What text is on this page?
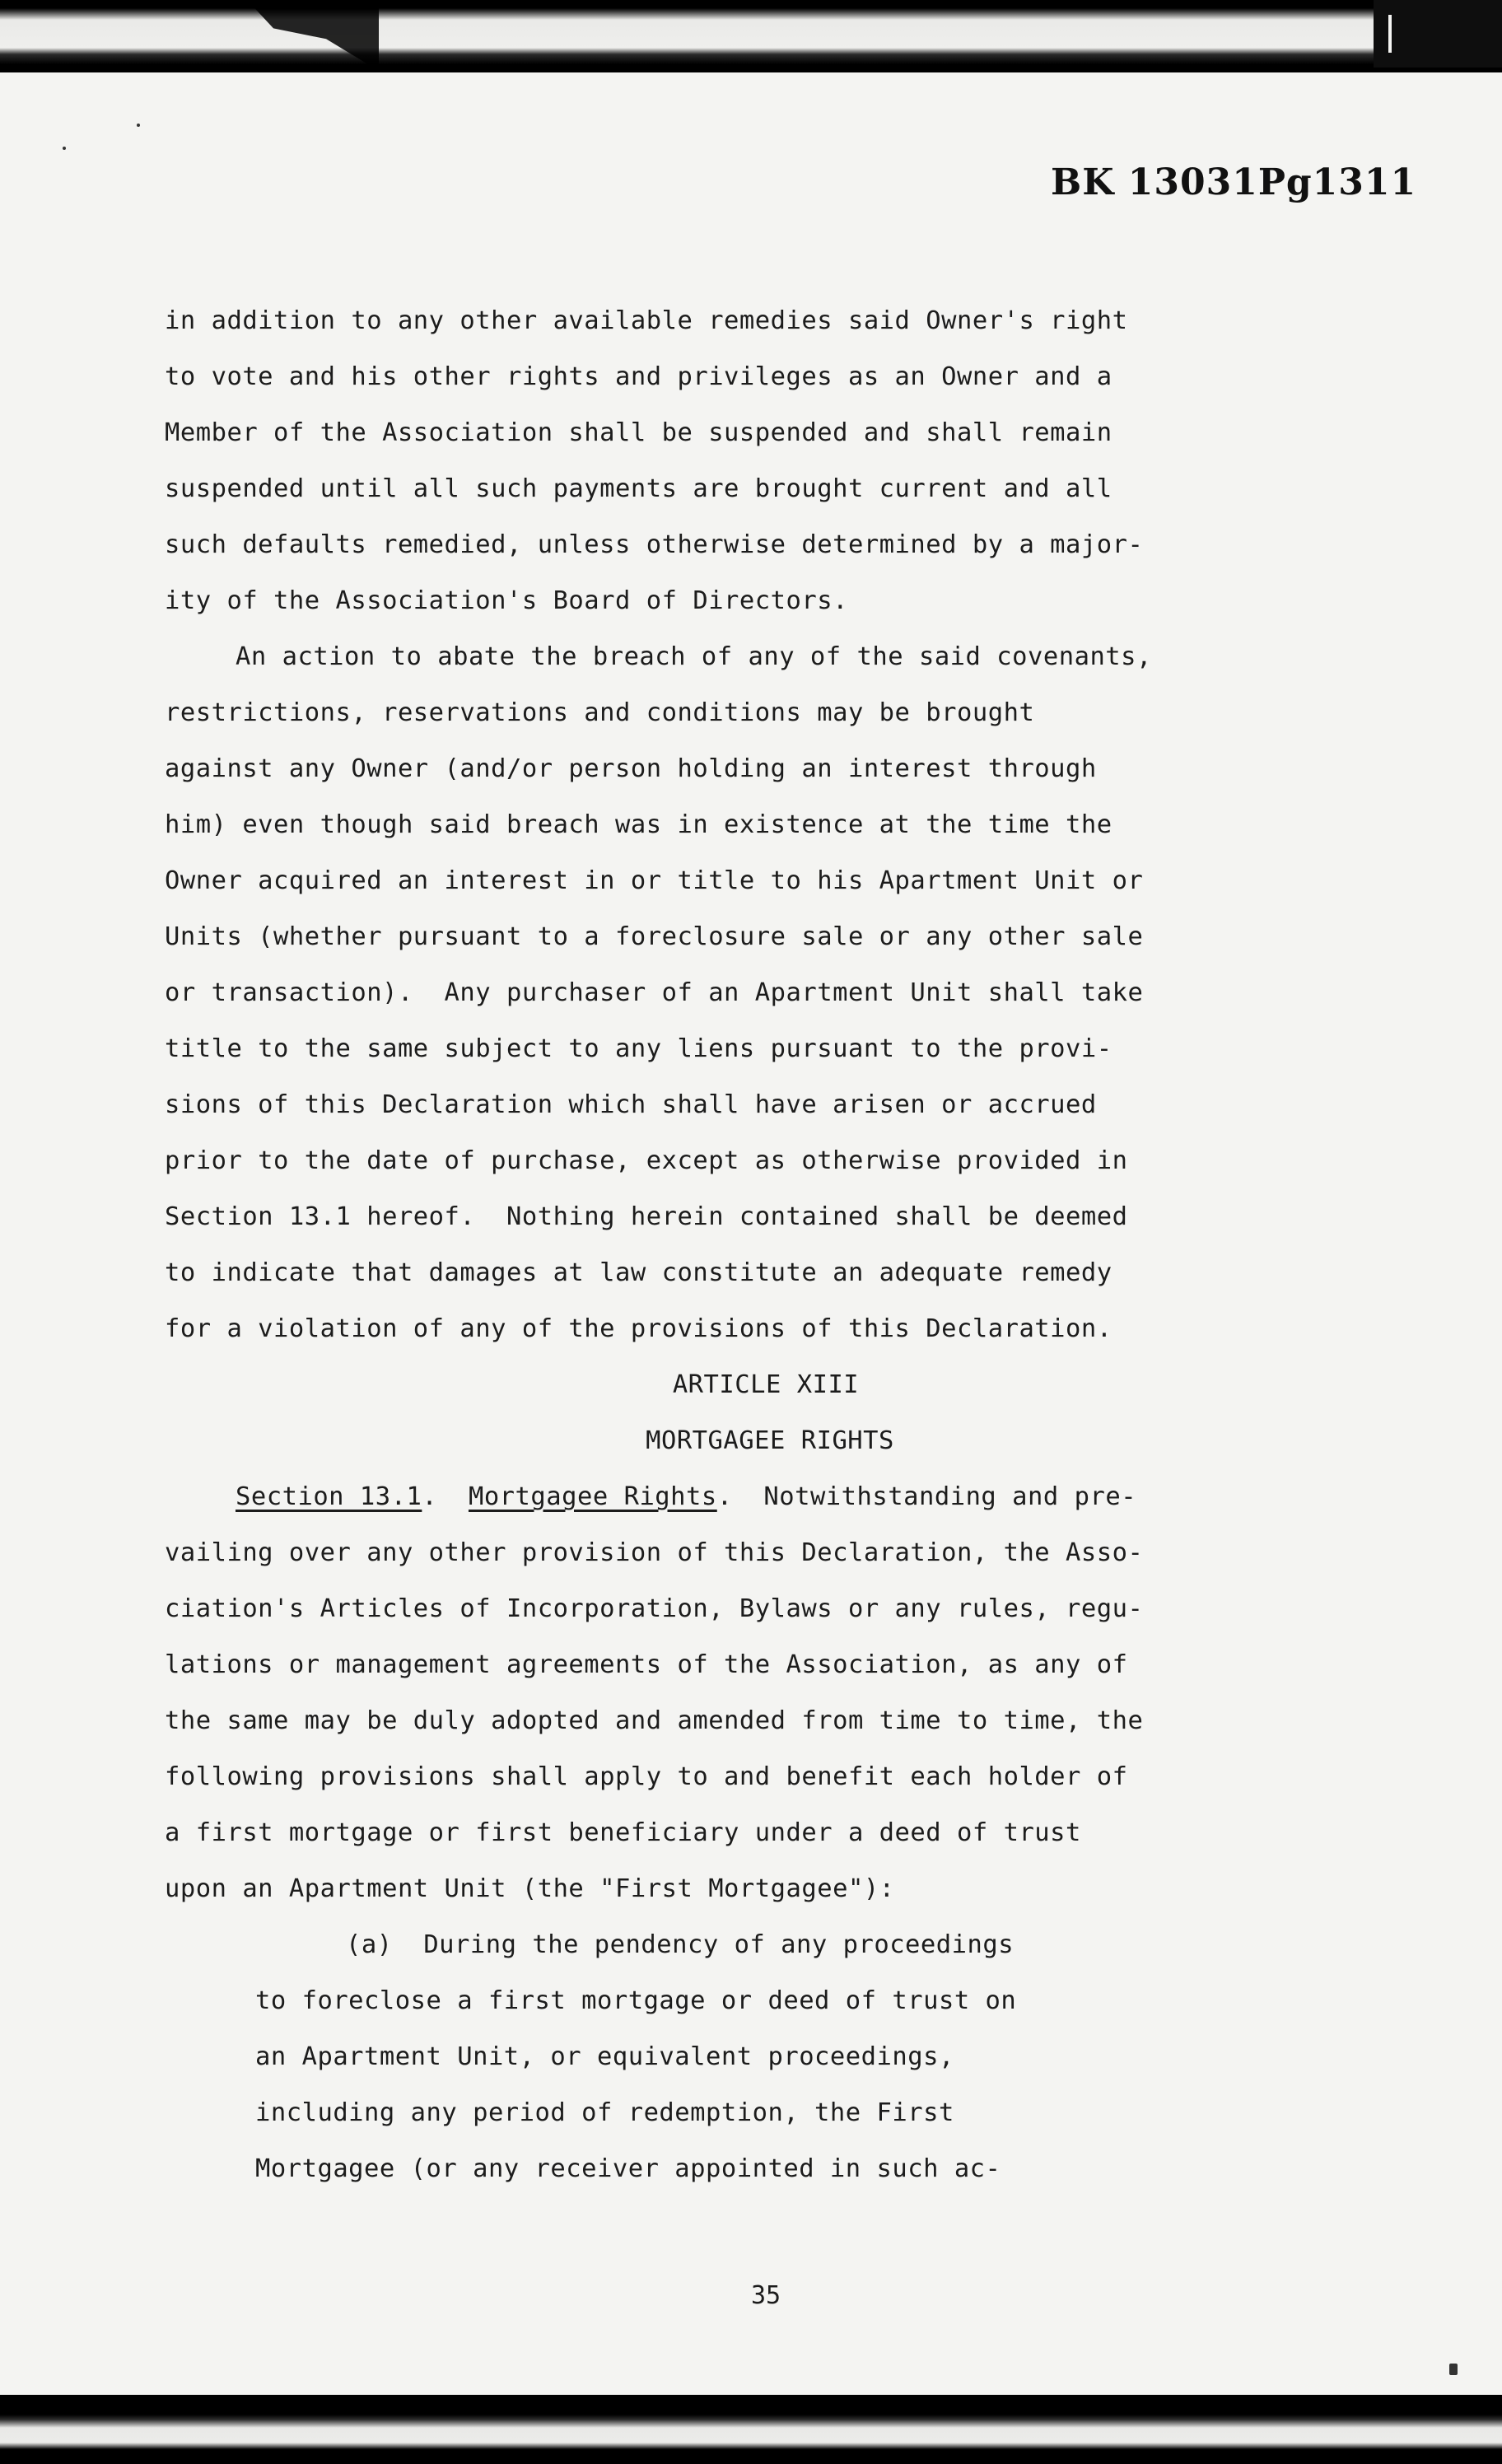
BK 13031Pg1311

in addition to any other available remedies said Owner's right

to vote and his other rights and privileges as an Owner and a

Member of the Association shall be suspended and shall remain

suspended until all such payments are brought current and all

such defaults remedied, unless otherwise determined by a major-

ity of the Association's Board of Directors.

An action to abate the breach of any of the said covenants,

restrictions, reservations and conditions may be brought

against any Owner (and/or person holding an interest through

him) even though said breach was in existence at the time the

Owner acquired an interest in or title to his Apartment Unit or

Units (whether pursuant to a foreclosure sale or any other sale

or transaction).  Any purchaser of an Apartment Unit shall take

title to the same subject to any liens pursuant to the provi-

sions of this Declaration which shall have arisen or accrued

prior to the date of purchase, except as otherwise provided in

Section 13.1 hereof.  Nothing herein contained shall be deemed

to indicate that damages at law constitute an adequate remedy

for a violation of any of the provisions of this Declaration.

ARTICLE XIII

MORTGAGEE RIGHTS

Section 13.1.  Mortgagee Rights.  Notwithstanding and pre-

vailing over any other provision of this Declaration, the Asso-

ciation's Articles of Incorporation, Bylaws or any rules, regu-

lations or management agreements of the Association, as any of

the same may be duly adopted and amended from time to time, the

following provisions shall apply to and benefit each holder of

a first mortgage or first beneficiary under a deed of trust

upon an Apartment Unit (the "First Mortgagee"):

(a)  During the pendency of any proceedings

to foreclose a first mortgage or deed of trust on

an Apartment Unit, or equivalent proceedings,

including any period of redemption, the First

Mortgagee (or any receiver appointed in such ac-

35
